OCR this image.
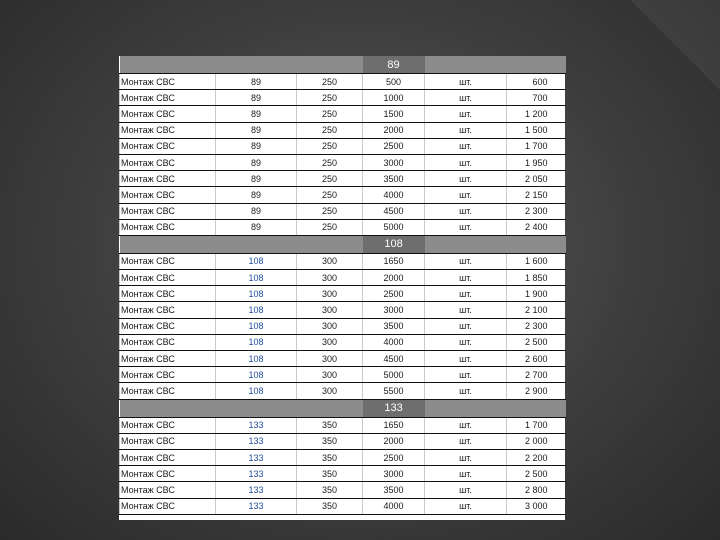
			89		
Монтаж СВС	89	250	500	шт.	600
Монтаж СВС	89	250	1000	шт.	700
Монтаж СВС	89	250	1500	шт.	1 200
Монтаж СВС	89	250	2000	шт.	1 500
Монтаж СВС	89	250	2500	шт.	1 700
Монтаж СВС	89	250	3000	шт.	1 950
Монтаж СВС	89	250	3500	шт.	2 050
Монтаж СВС	89	250	4000	шт.	2 150
Монтаж СВС	89	250	4500	шт.	2 300
Монтаж СВС	89	250	5000	шт.	2 400
			108		
Монтаж СВС	108	300	1650	шт.	1 600
Монтаж СВС	108	300	2000	шт.	1 850
Монтаж СВС	108	300	2500	шт.	1 900
Монтаж СВС	108	300	3000	шт.	2 100
Монтаж СВС	108	300	3500	шт.	2 300
Монтаж СВС	108	300	4000	шт.	2 500
Монтаж СВС	108	300	4500	шт.	2 600
Монтаж СВС	108	300	5000	шт.	2 700
Монтаж СВС	108	300	5500	шт.	2 900
			133		
Монтаж СВС	133	350	1650	шт.	1 700
Монтаж СВС	133	350	2000	шт.	2 000
Монтаж СВС	133	350	2500	шт.	2 200
Монтаж СВС	133	350	3000	шт.	2 500
Монтаж СВС	133	350	3500	шт.	2 800
Монтаж СВС	133	350	4000	шт.	3 000
